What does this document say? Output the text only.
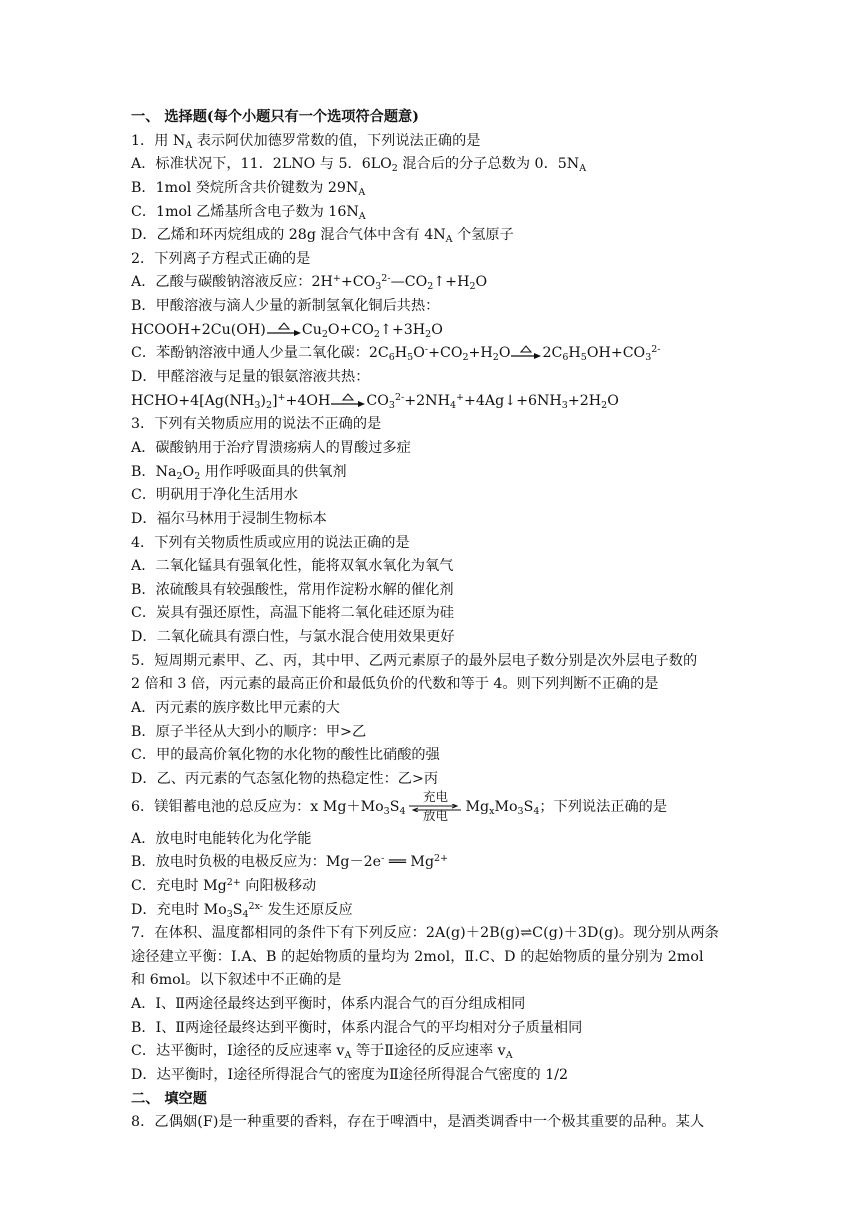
一、 选择题(每个小题只有一个选项符合题意)
1．用 $N_A$ 表示阿伏加德罗常数的值，下列说法正确的是
A．标准状况下，11．2LNO 与 5．$6LO_2$ 混合后的分子总数为 0．$5N_A$
B．1mol 癸烷所含共价键数为 $29N_A$
C．1mol 乙烯基所含电子数为 $16N_A$
D．乙烯和环丙烷组成的 28g 混合气体中含有 $4N_A$ 个氢原子
2．下列离子方程式正确的是
A．乙酸与碳酸钠溶液反应：$2H^++CO_3^{2-}—CO_2↑+H_2O$
B．甲酸溶液与滴人少量的新制氢氧化铜后共热：
HCOOH+2Cu(OH)	$Cu_2O+CO_2↑+3H_2O$
C．苯酚钠溶液中通人少量二氧化碳：$2C_6H_5O^-+CO_2+H_2O$ $2C_6H_5OH+CO_3^{2-}$
D．甲醛溶液与足量的银氨溶液共热：
$HCHO+4[Ag(NH_3)_2]^++4OH$	$CO_3^{2-}+2NH_4^++4Ag↓+6NH_3+2H_2O$
3．下列有关物质应用的说法不正确的是
A．碳酸钠用于治疗胃溃疡病人的胃酸过多症
B．$Na_2O_2$ 用作呼吸面具的供氧剂
C．明矾用于净化生活用水
D．福尔马林用于浸制生物标本
4．下列有关物质性质或应用的说法正确的是
A．二氧化锰具有强氧化性，能将双氧水氧化为氧气
B．浓硫酸具有较强酸性，常用作淀粉水解的催化剂
C．炭具有强还原性，高温下能将二氧化硅还原为硅
D．二氧化硫具有漂白性，与氯水混合使用效果更好
5．短周期元素甲、乙、丙，其中甲、乙两元素原子的最外层电子数分别是次外层电子数的
2 倍和 3 倍，丙元素的最高正价和最低负价的代数和等于 4。则下列判断不正确的是
A．丙元素的族序数比甲元素的大
B．原子半径从大到小的顺序：甲>乙
C．甲的最高价氧化物的水化物的酸性比硝酸的强
D．乙、丙元素的气态氢化物的热稳定性：乙>丙
6．镁钼蓄电池的总反应为：x $Mg+Mo_3S_4$
充电
放电
$Mg_xMo_3S_4$；下列说法正确的是
A．放电时电能转化为化学能
B．放电时负极的电极反应为：Mg－2e- ══ $Mg^{2+}$
C．充电时 $Mg^{2+}$ 向阳极移动
D．充电时 $Mo_3S_4^{2x-}$ 发生还原反应
7．在体积、温度都相同的条件下有下列反应：2A(g)＋2B(g)⇌C(g)＋3D(g)。现分别从两条
途径建立平衡：Ⅰ.A、B 的起始物质的量均为 2mol，Ⅱ.C、D 的起始物质的量分别为 2mol
和 6mol。以下叙述中不正确的是
A．Ⅰ、Ⅱ两途径最终达到平衡时，体系内混合气的百分组成相同
B．Ⅰ、Ⅱ两途径最终达到平衡时，体系内混合气的平均相对分子质量相同
C．达平衡时，Ⅰ途径的反应速率 $v_A$ 等于Ⅱ途径的反应速率 $v_A$
D．达平衡时，Ⅰ途径所得混合气的密度为Ⅱ途径所得混合气密度的 1/2
二、 填空题
8．乙偶姻(F)是一种重要的香料，存在于啤酒中，是酒类调香中一个极其重要的品种。某人
